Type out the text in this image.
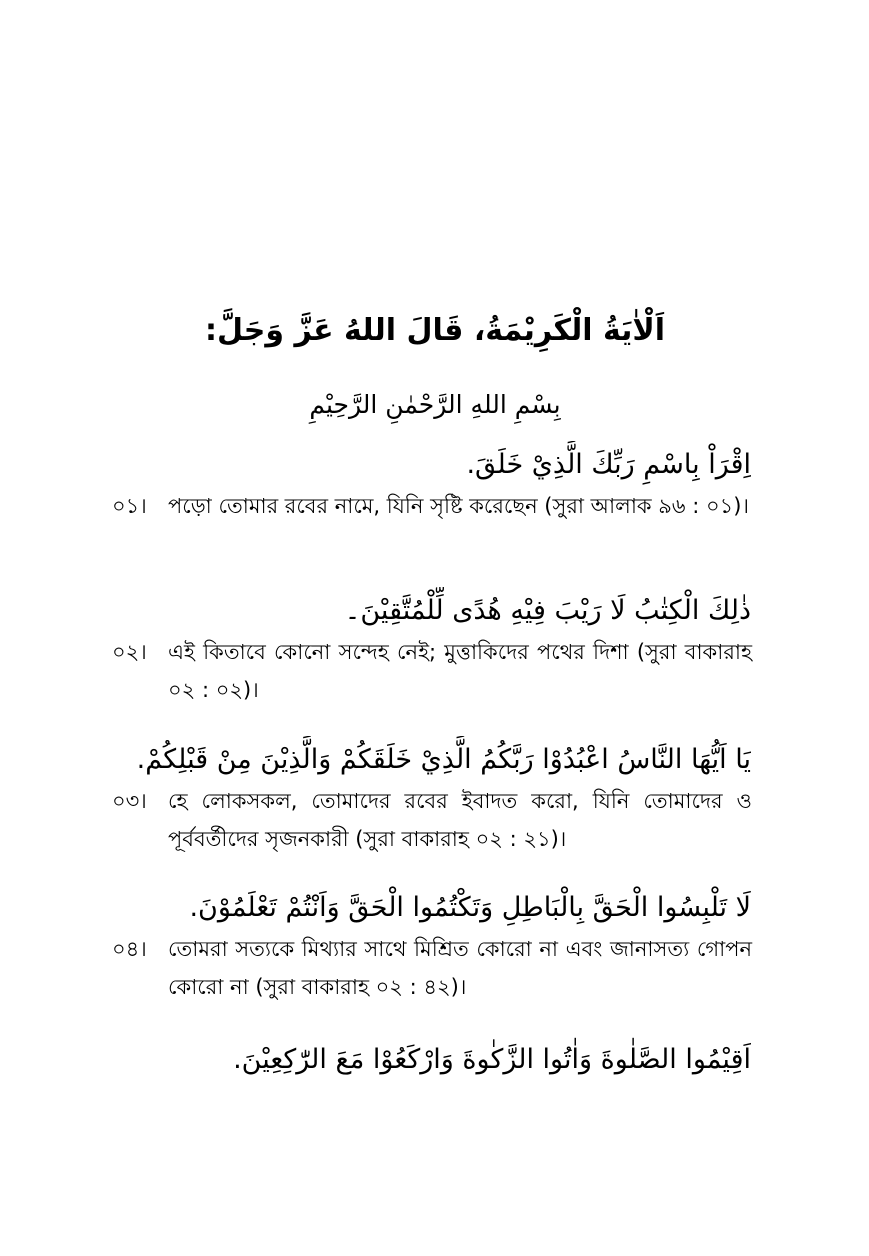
اَلْاٰيَةُ الْكَرِيْمَةُ، قَالَ اللهُ عَزَّ وَجَلَّ:
بِسْمِ اللهِ الرَّحْمٰنِ الرَّحِيْمِ
اِقْرَاْ بِاسْمِ رَبِّكَ الَّذِيْ خَلَقَ.
০১।	পড়ো তোমার রবের নামে, যিনি সৃষ্টি করেছেন (সুরা আলাক ৯৬ : ০১)।
ذٰلِكَ الْكِتٰبُ لَا رَيْبَ فِيْهِ هُدًى لِّلْمُتَّقِيْنَ۔
০২।	এই কিতাবে কোনো সন্দেহ নেই; মুত্তাকিদের পথের দিশা (সুরা বাকারাহ ০২ : ০২)।
يَا اَيُّهَا النَّاسُ اعْبُدُوْا رَبَّكُمُ الَّذِيْ خَلَقَكُمْ وَالَّذِيْنَ مِنْ قَبْلِكُمْ.
০৩।	হে লোকসকল, তোমাদের রবের ইবাদত করো, যিনি তোমাদের ও পূর্ববর্তীদের সৃজনকারী (সুরা বাকারাহ ০২ : ২১)।
لَا تَلْبِسُوا الْحَقَّ بِالْبَاطِلِ وَتَكْتُمُوا الْحَقَّ وَاَنْتُمْ تَعْلَمُوْنَ.
০৪।	তোমরা সত্যকে মিথ্যার সাথে মিশ্রিত কোরো না এবং জানাসত্য গোপন কোরো না (সুরা বাকারাহ ০২ : ৪২)।
اَقِيْمُوا الصَّلٰوةَ وَاٰتُوا الزَّكٰوةَ وَارْكَعُوْا مَعَ الرّٰكِعِيْنَ.
